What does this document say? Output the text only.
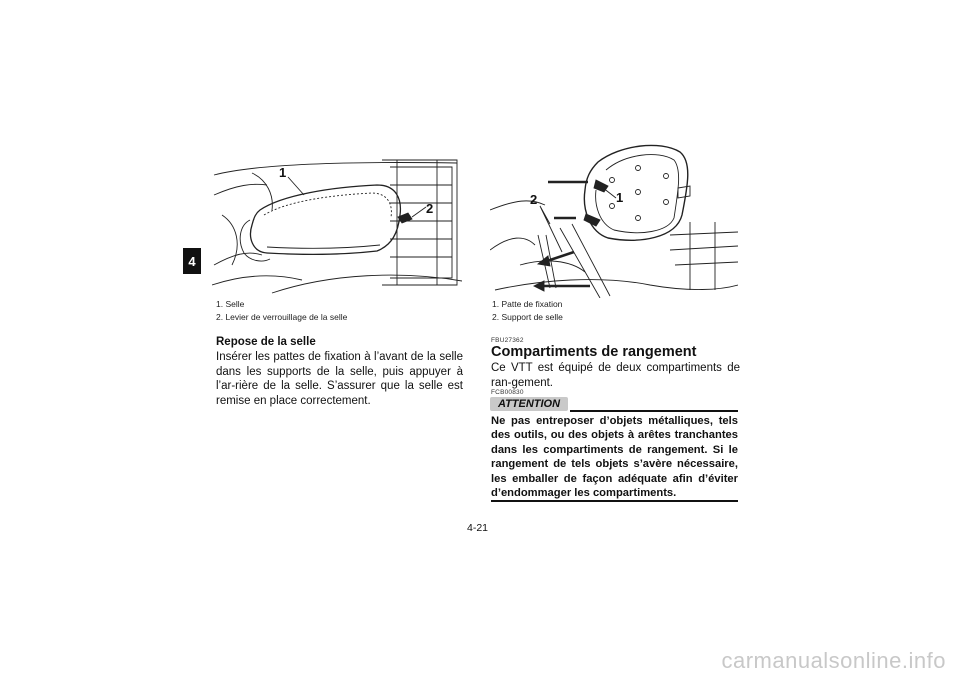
4
1
2
1. Selle
2. Levier de verrouillage de la selle
Repose de la selle
Insérer les pattes de fixation à l’avant de la selle dans les supports de la selle, puis appuyer à l’ar-rière de la selle. S’assurer que la selle est remise en place correctement.
2	1
1. Patte de fixation
2. Support de selle
FBU27362
Compartiments de rangement
Ce VTT est équipé de deux compartiments de ran-gement.
FCB00830
ATTENTION
Ne pas entreposer d’objets métalliques, tels des outils, ou des objets à arêtes tranchantes dans les compartiments de rangement. Si le rangement de tels objets s’avère nécessaire, les emballer de façon adéquate afin d’éviter d’endommager les compartiments.
4-21
carmanualsonline.info
